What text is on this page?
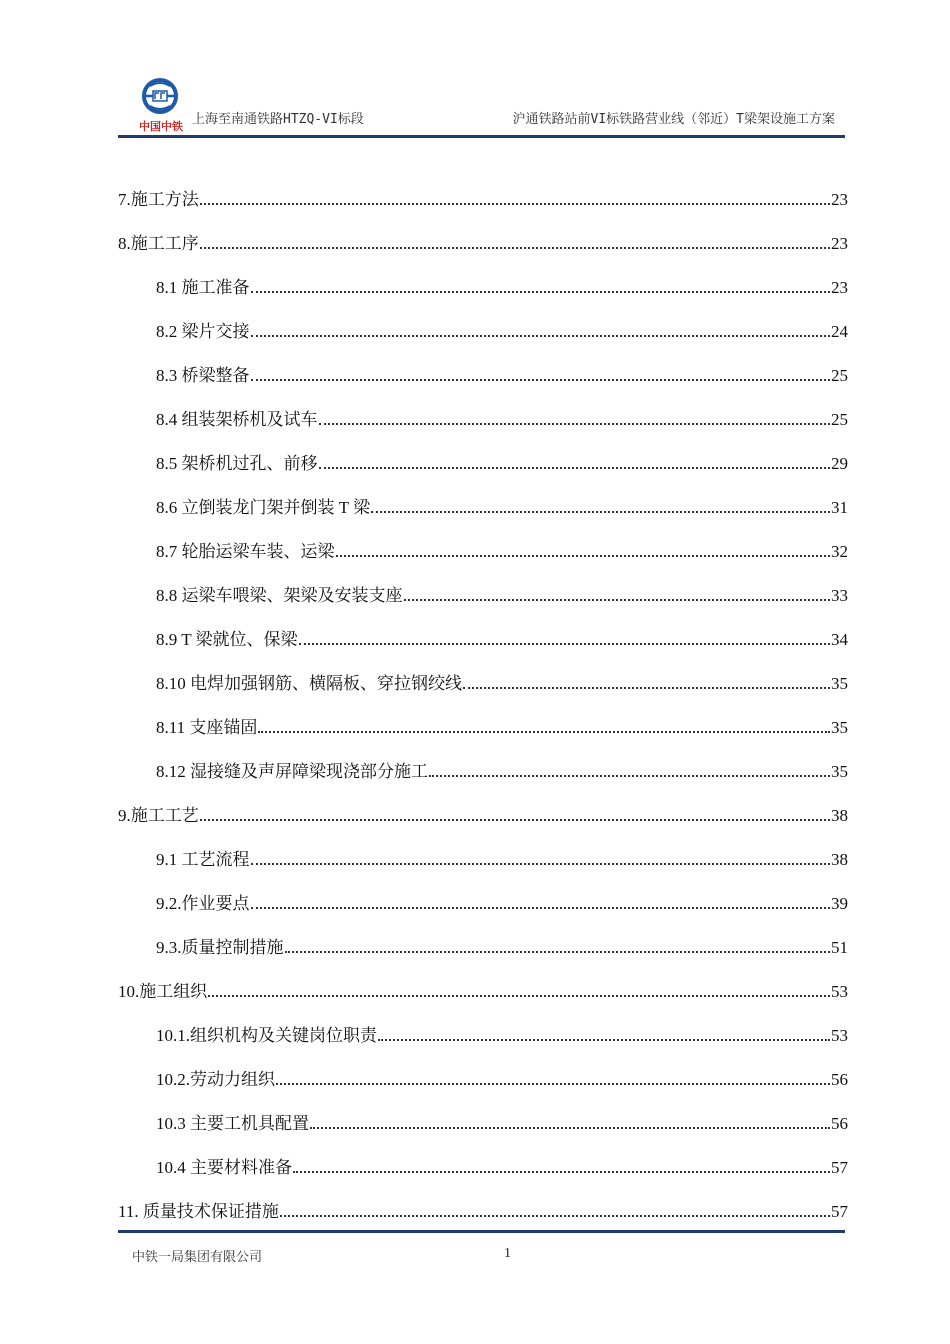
中国中铁 上海至南通铁路HTZQ-VI标段	沪通铁路站前VI标铁路营业线（邻近）T梁架设施工方案
7.施工方法	23
8.施工工序	23
8.1 施工准备	23
8.2 梁片交接	24
8.3 桥梁整备	25
8.4 组装架桥机及试车	25
8.5 架桥机过孔、前移	29
8.6 立倒装龙门架并倒装 T 梁	31
8.7 轮胎运梁车装、运梁	32
8.8 运梁车喂梁、架梁及安装支座	33
8.9 T 梁就位、保梁	34
8.10 电焊加强钢筋、横隔板、穿拉钢绞线	35
8.11 支座锚固	35
8.12 湿接缝及声屏障梁现浇部分施工	35
9.施工工艺	38
9.1 工艺流程	38
9.2.作业要点	39
9.3.质量控制措施	51
10.施工组织	53
10.1.组织机构及关键岗位职责	53
10.2.劳动力组织	56
10.3 主要工机具配置	56
10.4 主要材料准备	57
11. 质量技术保证措施	57
中铁一局集团有限公司	1
